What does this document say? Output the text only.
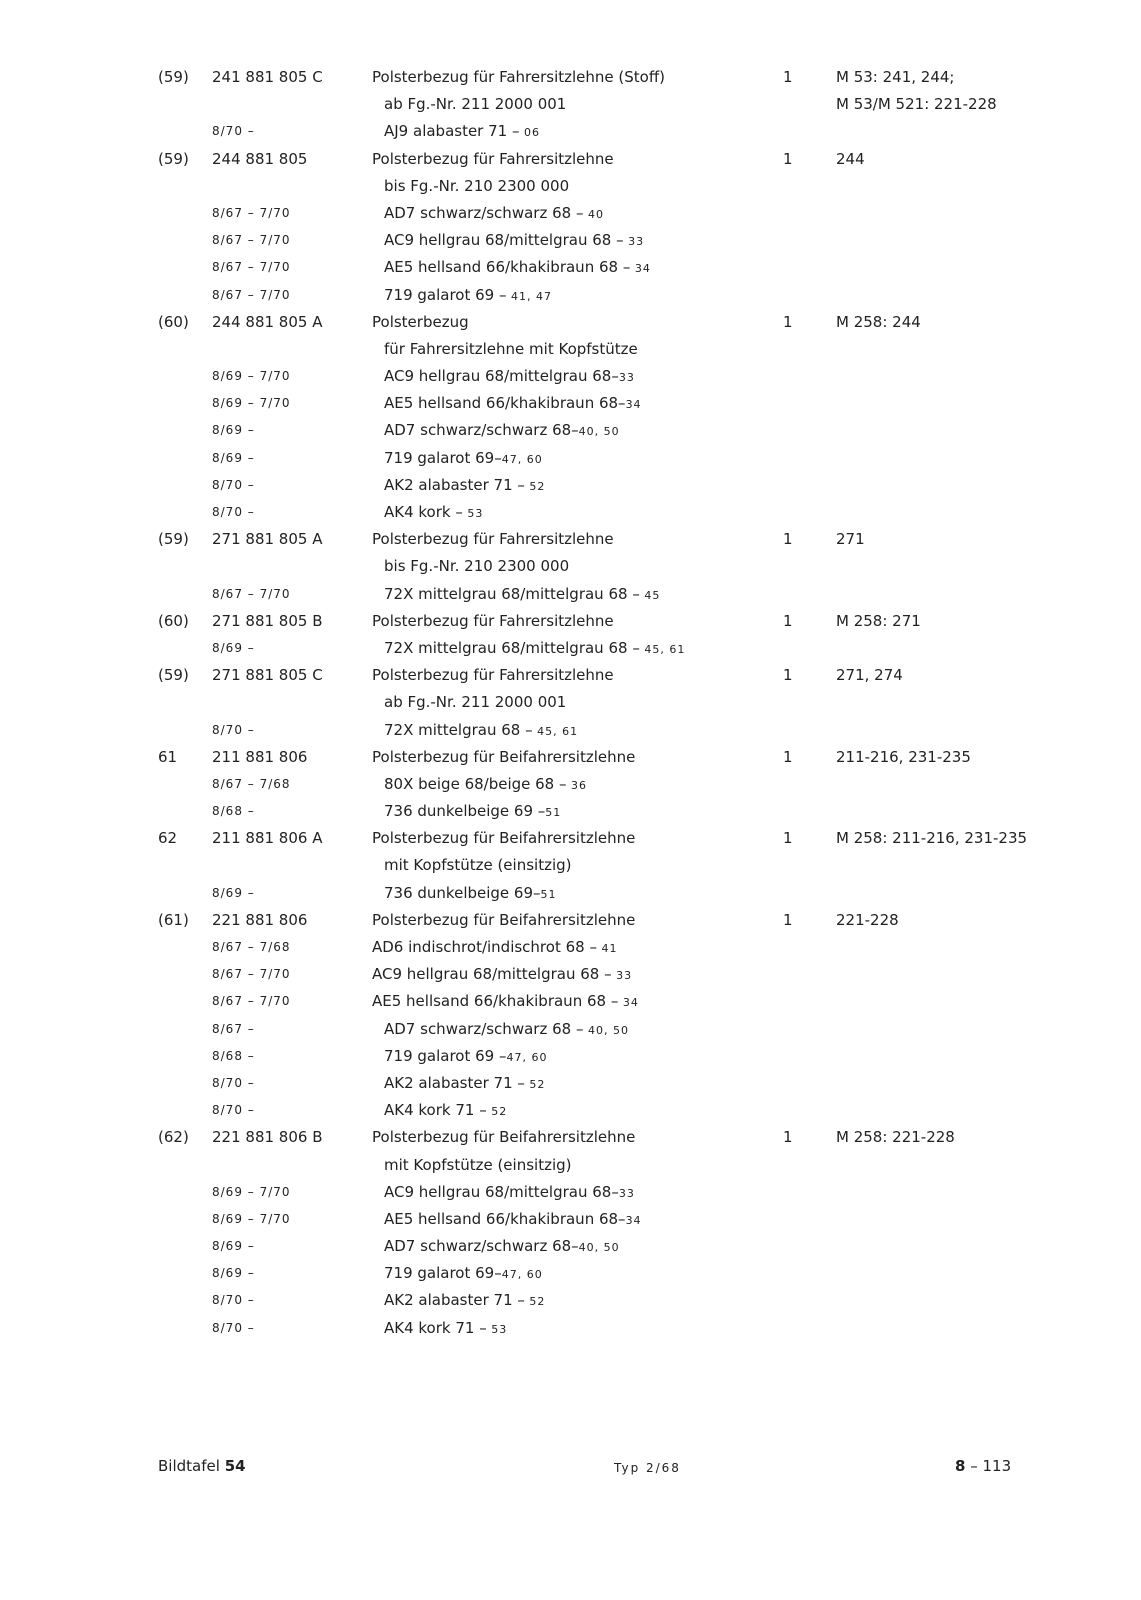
(59) 241 881 805 C	Polsterbezug für Fahrersitzlehne (Stoff)	1	M 53: 241, 244;
ab Fg.-Nr. 211 2000 001	M 53/M 521: 221-228
8/70 –	AJ9 alabaster 71 – 06
(59) 244 881 805	Polsterbezug für Fahrersitzlehne	1	244
bis Fg.-Nr. 210 2300 000
8/67 – 7/70	AD7 schwarz/schwarz 68 – 40
8/67 – 7/70	AC9 hellgrau 68/mittelgrau 68 – 33
8/67 – 7/70	AE5 hellsand 66/khakibraun 68 – 34
8/67 – 7/70	719 galarot 69 – 41, 47
(60) 244 881 805 A	Polsterbezug	1	M 258: 244
für Fahrersitzlehne mit Kopfstütze
8/69 – 7/70	AC9 hellgrau 68/mittelgrau 68–33
8/69 – 7/70	AE5 hellsand 66/khakibraun 68–34
8/69 –	AD7 schwarz/schwarz 68–40, 50
8/69 –	719 galarot 69–47, 60
8/70 –	AK2 alabaster 71 – 52
8/70 –	AK4 kork – 53
(59) 271 881 805 A	Polsterbezug für Fahrersitzlehne	1	271
bis Fg.-Nr. 210 2300 000
8/67 – 7/70	72X mittelgrau 68/mittelgrau 68 – 45
(60) 271 881 805 B	Polsterbezug für Fahrersitzlehne	1	M 258: 271
8/69 –	72X mittelgrau 68/mittelgrau 68 – 45, 61
(59) 271 881 805 C	Polsterbezug für Fahrersitzlehne	1	271, 274
ab Fg.-Nr. 211 2000 001
8/70 –	72X mittelgrau 68 – 45, 61
61 211 881 806	Polsterbezug für Beifahrersitzlehne	1	211-216, 231-235
8/67 – 7/68	80X beige 68/beige 68 – 36
8/68 –	736 dunkelbeige 69 –51
62 211 881 806 A	Polsterbezug für Beifahrersitzlehne	1	M 258: 211-216, 231-235
mit Kopfstütze (einsitzig)
8/69 –	736 dunkelbeige 69–51
(61) 221 881 806	Polsterbezug für Beifahrersitzlehne	1	221-228
8/67 – 7/68	AD6 indischrot/indischrot 68 – 41
8/67 – 7/70	AC9 hellgrau 68/mittelgrau 68 – 33
8/67 – 7/70	AE5 hellsand 66/khakibraun 68 – 34
8/67 –	AD7 schwarz/schwarz 68 – 40, 50
8/68 –	719 galarot 69 –47, 60
8/70 –	AK2 alabaster 71 – 52
8/70 –	AK4 kork 71 – 52
(62) 221 881 806 B	Polsterbezug für Beifahrersitzlehne	1	M 258: 221-228
mit Kopfstütze (einsitzig)
8/69 – 7/70	AC9 hellgrau 68/mittelgrau 68–33
8/69 – 7/70	AE5 hellsand 66/khakibraun 68–34
8/69 –	AD7 schwarz/schwarz 68–40, 50
8/69 –	719 galarot 69–47, 60
8/70 –	AK2 alabaster 71 – 52
8/70 –	AK4 kork 71 – 53
Bildtafel 54	Typ 2/68	8 – 113
